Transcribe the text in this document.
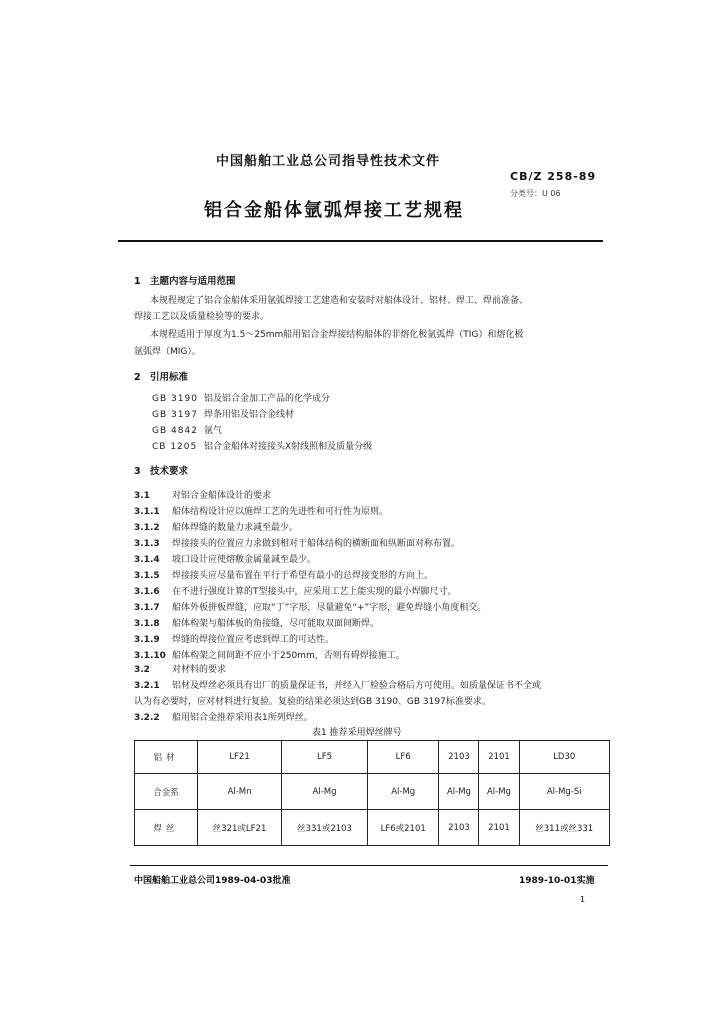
中国船舶工业总公司指导性技术文件
CB/Z 258-89
分类号：U 06
铝合金船体氩弧焊接工艺规程
1 主题内容与适用范围
本规程规定了铝合金船体采用氩弧焊接工艺建造和安装时对船体设计、铝材、焊工、焊前准备、
焊接工艺以及质量检验等的要求。
本规程适用于厚度为1.5～25mm船用铝合金焊接结构船体的非熔化极氩弧焊（TIG）和熔化极
氩弧焊（MIG）。
2 引用标准
GB 3190 铝及铝合金加工产品的化学成分
GB 3197 焊条用铝及铝合金线材
GB 4842 氩气
CB 1205 铝合金船体对接接头X射线照相及质量分级
3 技术要求
3.1 对铝合金船体设计的要求
3.1.1 船体结构设计应以施焊工艺的先进性和可行性为原则。
3.1.2 船体焊缝的数量力求减至最少。
3.1.3 焊接接头的位置应力求做到相对于船体结构的横断面和纵断面对称布置。
3.1.4 坡口设计应使熔敷金属量减至最少。
3.1.5 焊接接头应尽量布置在平行于希望有最小的总焊接变形的方向上。
3.1.6 在不进行强度计算的T型接头中，应采用工艺上能实现的最小焊脚尺寸。
3.1.7 船体外板拼板焊缝，应取“丁”字形，尽量避免“+”字形，避免焊缝小角度相交。
3.1.8 船体构架与船体板的角接缝，尽可能取双面间断焊。
3.1.9 焊缝的焊接位置应考虑到焊工的可达性。
3.1.10 船体构架之间间距不应小于250mm，否则有碍焊接施工。
3.2 对材料的要求
3.2.1 铝材及焊丝必须具有出厂的质量保证书，并经入厂检验合格后方可使用。如质量保证书不全或
认为有必要时，应对材料进行复验。复验的结果必须达到GB 3190、GB 3197标准要求。
3.2.2 船用铝合金推荐采用表1所列焊丝。
表1 推荐采用焊丝牌号
铝材	LF21	LF5	LF6	2103	2101	LD30
合金系	Al-Mn	Al-Mg	Al-Mg	Al-Mg	Al-Mg	Al-Mg-Si
焊丝	丝321或LF21	丝331或2103	LF6或2101	2103	2101	丝311或丝331
中国船舶工业总公司1989-04-03批准	1989-10-01实施
1
